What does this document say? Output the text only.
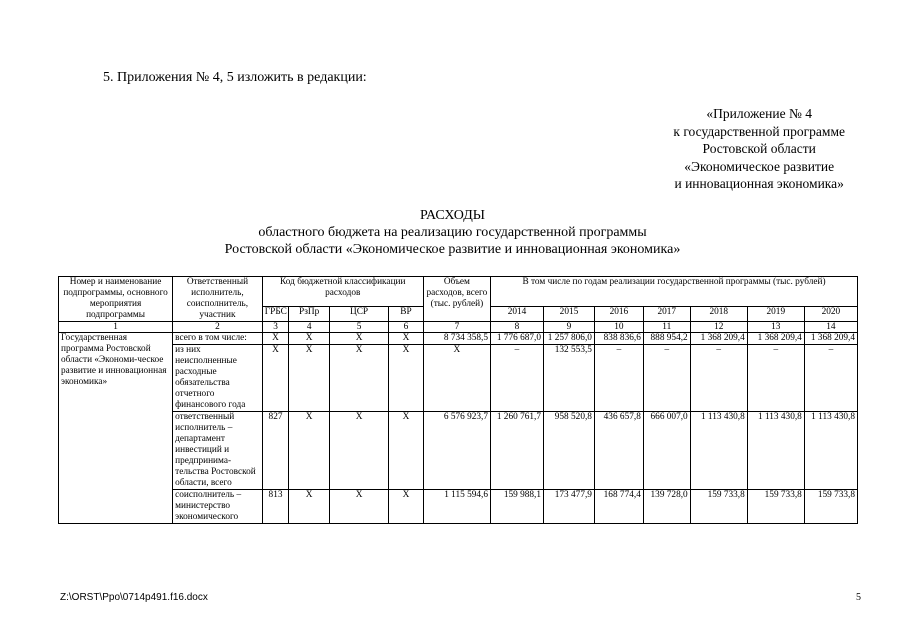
5. Приложения № 4, 5 изложить в редакции:
«Приложение № 4
к государственной программе
Ростовской области
«Экономическое развитие
и инновационная экономика»
РАСХОДЫ
областного бюджета на реализацию государственной программы
Ростовской области «Экономическое развитие и инновационная экономика»
Номер и наименование подпрограммы, основного мероприятия подпрограммы	Ответственный исполнитель, соисполнитель, участник	Код бюджетной классификации расходов				Объем расходов, всего (тыс. рублей)	В том числе по годам реализации государственной программы (тыс. рублей)						
		ГРБС	РзПр	ЦСР	ВР		2014	2015	2016	2017	2018	2019	2020
1	2	3	4	5	6	7	8	9	10	11	12	13	14
Государственная программа Ростовской области «Экономи-ческое развитие и инновационная экономика»	всего в том числе:	Х	Х	Х	Х	8 734 358,5	1 776 687,0	1 257 806,0	838 836,6	888 954,2	1 368 209,4	1 368 209,4	1 368 209,4
	из них неисполненные расходные обязательства отчетного финансового года	Х	Х	Х	Х	Х	–	132 553,5	–	–	–	–	–
	ответственный исполнитель – департамент инвестиций и предпринима-тельства Ростовской области, всего	827	Х	Х	Х	6 576 923,7	1 260 761,7	958 520,8	436 657,8	666 007,0	1 113 430,8	1 113 430,8	1 113 430,8
	соисполнитель – министерство экономического	813	Х	Х	Х	1 115 594,6	159 988,1	173 477,9	168 774,4	139 728,0	159 733,8	159 733,8	159 733,8
Z:\ORST\Ppo\0714p491.f16.docx	5
